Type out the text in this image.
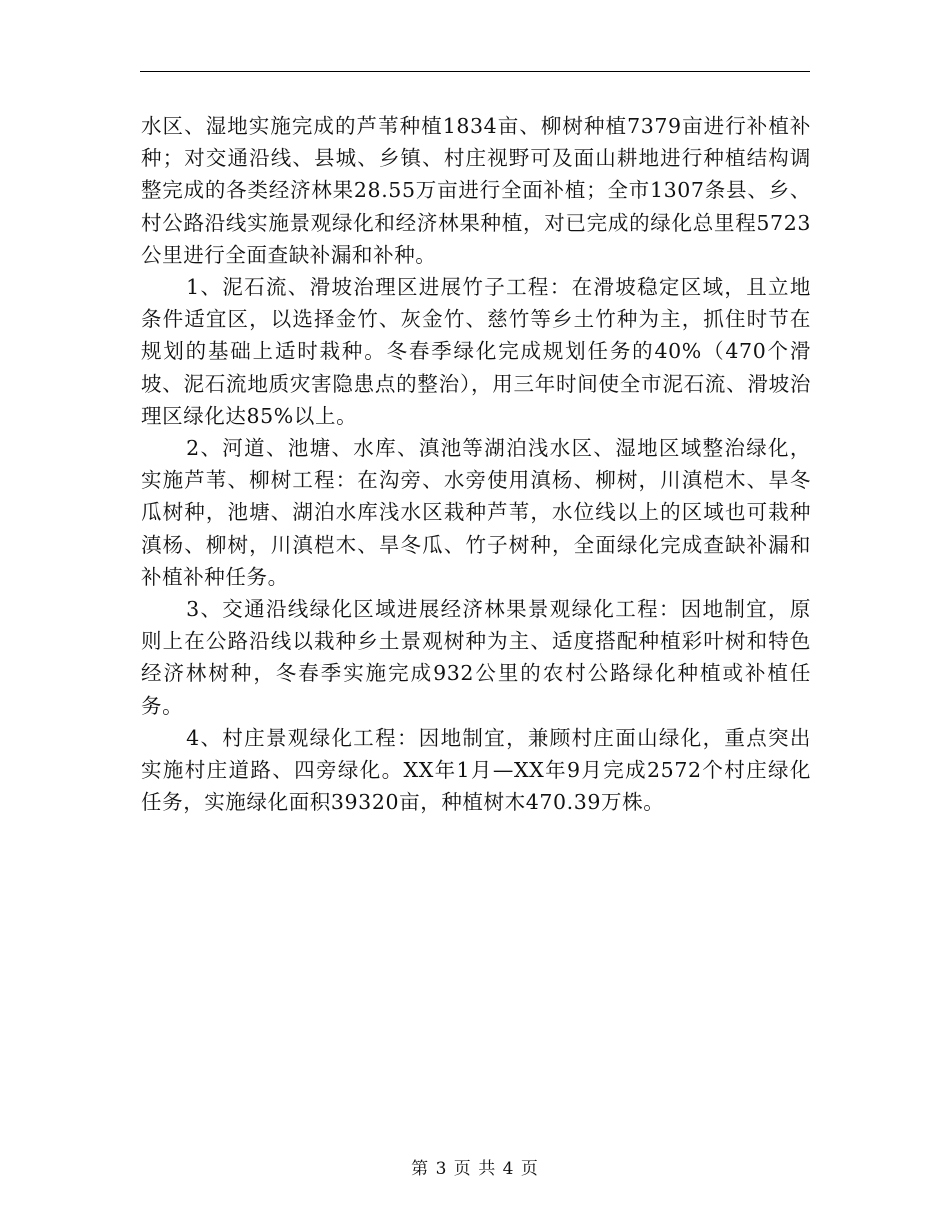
水区、湿地实施完成的芦苇种植1834亩、柳树种植7379亩进行补植补种；对交通沿线、县城、乡镇、村庄视野可及面山耕地进行种植结构调整完成的各类经济林果28.55万亩进行全面补植；全市1307条县、乡、村公路沿线实施景观绿化和经济林果种植，对已完成的绿化总里程5723公里进行全面查缺补漏和补种。

1、泥石流、滑坡治理区进展竹子工程：在滑坡稳定区域，且立地条件适宜区，以选择金竹、灰金竹、慈竹等乡土竹种为主，抓住时节在规划的基础上适时栽种。冬春季绿化完成规划任务的40%（470个滑坡、泥石流地质灾害隐患点的整治），用三年时间使全市泥石流、滑坡治理区绿化达85%以上。

2、河道、池塘、水库、滇池等湖泊浅水区、湿地区域整治绿化，实施芦苇、柳树工程：在沟旁、水旁使用滇杨、柳树，川滇桤木、旱冬瓜树种，池塘、湖泊水库浅水区栽种芦苇，水位线以上的区域也可栽种滇杨、柳树，川滇桤木、旱冬瓜、竹子树种，全面绿化完成查缺补漏和补植补种任务。

3、交通沿线绿化区域进展经济林果景观绿化工程：因地制宜，原则上在公路沿线以栽种乡土景观树种为主、适度搭配种植彩叶树和特色经济林树种，冬春季实施完成932公里的农村公路绿化种植或补植任务。

4、村庄景观绿化工程：因地制宜，兼顾村庄面山绿化，重点突出实施村庄道路、四旁绿化。XX年1月—XX年9月完成2572个村庄绿化任务，实施绿化面积39320亩，种植树木470.39万株。

第 3 页 共 4 页
